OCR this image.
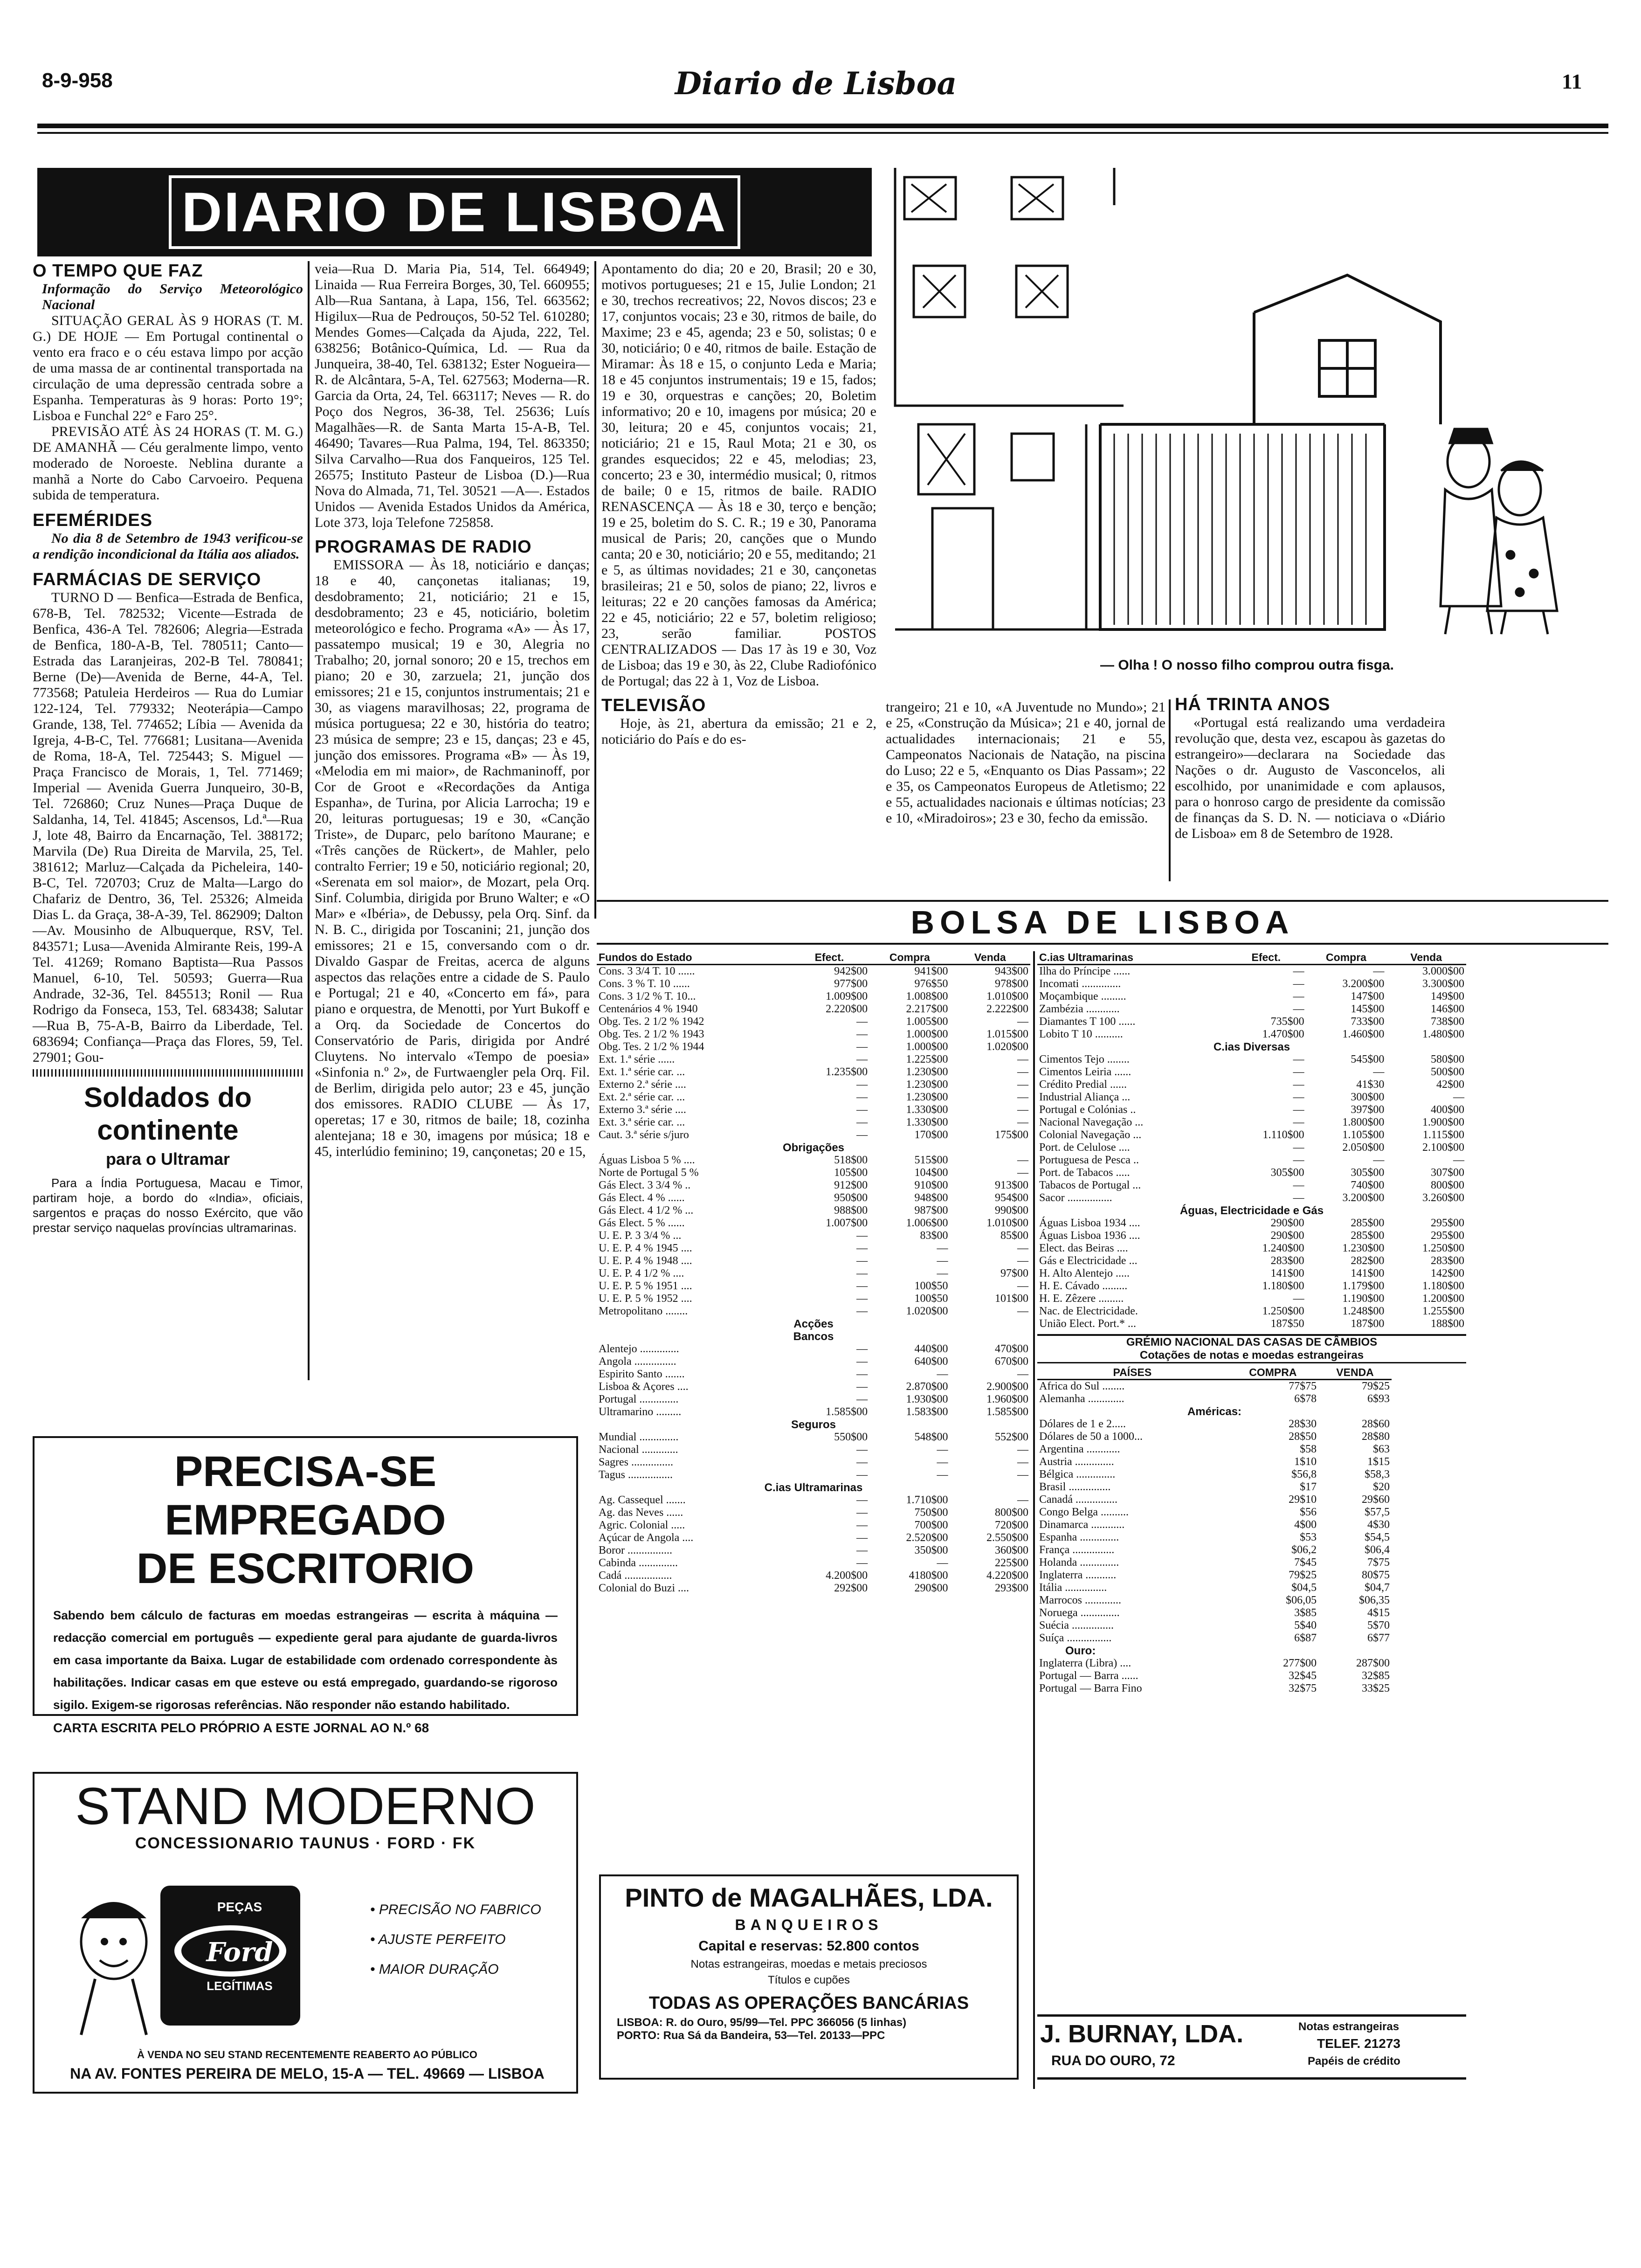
8-9-958	Diario de Lisboa	11
DIARIO DE LISBOA
O TEMPO QUE FAZ
Informação do Serviço Meteorológico Nacional
SITUAÇÃO GERAL ÀS 9 HORAS (T. M. G.) DE HOJE — Em Portugal continental o vento era fraco e o céu estava limpo por acção de uma massa de ar continental transportada na circulação de uma depressão centrada sobre a Espanha. Temperaturas às 9 horas: Porto 19°; Lisboa e Funchal 22° e Faro 25°.
PREVISÃO ATÉ ÀS 24 HORAS (T. M. G.) DE AMANHÃ — Céu geralmente limpo, vento moderado de Noroeste. Neblina durante a manhã a Norte do Cabo Carvoeiro. Pequena subida de temperatura.
EFEMÉRIDES
No dia 8 de Setembro de 1943 verificou-se a rendição incondicional da Itália aos aliados.
FARMÁCIAS DE SERVIÇO
TURNO D — Benfica—Estrada de Benfica, 678-B, Tel. 782532; Vicente—Estrada de Benfica, 436-A Tel. 782606; Alegria—Estrada de Benfica, 180-A-B, Tel. 780511; Canto—Estrada das Laranjeiras, 202-B Tel. 780841; Berne (De)—Avenida de Berne, 44-A, Tel. 773568; Patuleia Herdeiros — Rua do Lumiar 122-124, Tel. 779332; Neoterápia—Campo Grande, 138, Tel. 774652; Líbia — Avenida da Igreja, 4-B-C, Tel. 776681; Lusitana—Avenida de Roma, 18-A, Tel. 725443; S. Miguel — Praça Francisco de Morais, 1, Tel. 771469; Imperial — Avenida Guerra Junqueiro, 30-B, Tel. 726860; Cruz Nunes—Praça Duque de Saldanha, 14, Tel. 41845; Ascensos, Ld.ª—Rua J, lote 48, Bairro da Encarnação, Tel. 388172; Marvila (De) Rua Direita de Marvila, 25, Tel. 381612; Marluz—Calçada da Picheleira, 140-B-C, Tel. 720703; Cruz de Malta—Largo do Chafariz de Dentro, 36, Tel. 25326; Almeida Dias L. da Graça, 38-A-39, Tel. 862909; Dalton—Av. Mousinho de Albuquerque, RSV, Tel. 843571; Lusa—Avenida Almirante Reis, 199-A Tel. 41269; Romano Baptista—Rua Passos Manuel, 6-10, Tel. 50593; Guerra—Rua Andrade, 32-36, Tel. 845513; Ronil — Rua Rodrigo da Fonseca, 153, Tel. 683438; Salutar—Rua B, 75-A-B, Bairro da Liberdade, Tel. 683694; Confiança—Praça das Flores, 59, Tel. 27901; Gou-
Soldados do continente
para o Ultramar
Para a Índia Portuguesa, Macau e Timor, partiram hoje, a bordo do «India», oficiais, sargentos e praças do nosso Exército, que vão prestar serviço naquelas províncias ultramarinas.
veia—Rua D. Maria Pia, 514, Tel. 664949; Linaida — Rua Ferreira Borges, 30, Tel. 660955; Alb—Rua Santana, à Lapa, 156, Tel. 663562; Higilux—Rua de Pedrouços, 50-52 Tel. 610280; Mendes Gomes—Calçada da Ajuda, 222, Tel. 638256; Botânico-Química, Ld. — Rua da Junqueira, 38-40, Tel. 638132; Ester Nogueira—R. de Alcântara, 5-A, Tel. 627563; Moderna—R. Garcia da Orta, 24, Tel. 663117; Neves — R. do Poço dos Negros, 36-38, Tel. 25636; Luís Magalhães—R. de Santa Marta 15-A-B, Tel. 46490; Tavares—Rua Palma, 194, Tel. 863350; Silva Carvalho—Rua dos Fanqueiros, 125 Tel. 26575; Instituto Pasteur de Lisboa (D.)—Rua Nova do Almada, 71, Tel. 30521 —A—. Estados Unidos — Avenida Estados Unidos da América, Lote 373, loja Telefone 725858.
PROGRAMAS DE RADIO
EMISSORA — Às 18, noticiário e danças; 18 e 40, cançonetas italianas; 19, desdobramento; 21, noticiário; 21 e 15, desdobramento; 23 e 45, noticiário, boletim meteorológico e fecho. Programa «A» — Às 17, passatempo musical; 19 e 30, Alegria no Trabalho; 20, jornal sonoro; 20 e 15, trechos em piano; 20 e 30, zarzuela; 21, junção dos emissores; 21 e 15, conjuntos instrumentais; 21 e 30, as viagens maravilhosas; 22, programa de música portuguesa; 22 e 30, história do teatro; 23 música de sempre; 23 e 15, danças; 23 e 45, junção dos emissores. Programa «B» — Às 19, «Melodia em mi maior», de Rachmaninoff, por Cor de Groot e «Recordações da Antiga Espanha», de Turina, por Alicia Larrocha; 19 e 20, leituras portuguesas; 19 e 30, «Canção Triste», de Duparc, pelo barítono Maurane; e «Três canções de Rückert», de Mahler, pelo contralto Ferrier; 19 e 50, noticiário regional; 20, «Serenata em sol maior», de Mozart, pela Orq. Sinf. Columbia, dirigida por Bruno Walter; e «O Mar» e «Ibéria», de Debussy, pela Orq. Sinf. da N. B. C., dirigida por Toscanini; 21, junção dos emissores; 21 e 15, conversando com o dr. Divaldo Gaspar de Freitas, acerca de alguns aspectos das relações entre a cidade de S. Paulo e Portugal; 21 e 40, «Concerto em fá», para piano e orquestra, de Menotti, por Yurt Bukoff e a Orq. da Sociedade de Concertos do Conservatório de Paris, dirigida por André Cluytens. No intervalo «Tempo de poesia» «Sinfonia n.º 2», de Furtwaengler pela Orq. Fil. de Berlim, dirigida pelo autor; 23 e 45, junção dos emissores. RADIO CLUBE — Às 17, operetas; 17 e 30, ritmos de baile; 18, cozinha alentejana; 18 e 30, imagens por música; 18 e 45, interlúdio feminino; 19, cançonetas; 20 e 15,
Apontamento do dia; 20 e 20, Brasil; 20 e 30, motivos portugueses; 21 e 15, Julie London; 21 e 30, trechos recreativos; 22, Novos discos; 23 e 17, conjuntos vocais; 23 e 30, ritmos de baile, do Maxime; 23 e 45, agenda; 23 e 50, solistas; 0 e 30, noticiário; 0 e 40, ritmos de baile. Estação de Miramar: Às 18 e 15, o conjunto Leda e Maria; 18 e 45 conjuntos instrumentais; 19 e 15, fados; 19 e 30, orquestras e canções; 20, Boletim informativo; 20 e 10, imagens por música; 20 e 30, leitura; 20 e 45, conjuntos vocais; 21, noticiário; 21 e 15, Raul Mota; 21 e 30, os grandes esquecidos; 22 e 45, melodias; 23, concerto; 23 e 30, intermédio musical; 0, ritmos de baile; 0 e 15, ritmos de baile. RADIO RENASCENÇA — Às 18 e 30, terço e benção; 19 e 25, boletim do S. C. R.; 19 e 30, Panorama musical de Paris; 20, canções que o Mundo canta; 20 e 30, noticiário; 20 e 55, meditando; 21 e 5, as últimas novidades; 21 e 30, cançonetas brasileiras; 21 e 50, solos de piano; 22, livros e leituras; 22 e 20 canções famosas da América; 22 e 45, noticiário; 22 e 57, boletim religioso; 23, serão familiar. POSTOS CENTRALIZADOS — Das 17 às 19 e 30, Voz de Lisboa; das 19 e 30, às 22, Clube Radiofónico de Portugal; das 22 à 1, Voz de Lisboa.
TELEVISÃO
Hoje, às 21, abertura da emissão; 21 e 2, noticiário do País e do es-
— Olha ! O nosso filho comprou outra fisga.
trangeiro; 21 e 10, «A Juventude no Mundo»; 21 e 25, «Construção da Música»; 21 e 40, jornal de actualidades internacionais; 21 e 55, Campeonatos Nacionais de Natação, na piscina do Luso; 22 e 5, «Enquanto os Dias Passam»; 22 e 35, os Campeonatos Europeus de Atletismo; 22 e 55, actualidades nacionais e últimas notícias; 23 e 10, «Miradoiros»; 23 e 30, fecho da emissão.
HÁ TRINTA ANOS
«Portugal está realizando uma verdadeira revolução que, desta vez, escapou às gazetas do estrangeiro»—declarara na Sociedade das Nações o dr. Augusto de Vasconcelos, ali escolhido, por unanimidade e com aplausos, para o honroso cargo de presidente da comissão de finanças da S. D. N. — noticiava o «Diário de Lisboa» em 8 de Setembro de 1928.
BOLSA DE LISBOA
Fundos do Estado	Efect.	Compra	Venda
Cons. 3 3/4 T. 10 ......	942$00	941$00	943$00
Cons. 3 % T. 10 ......	977$00	976$50	978$00
Cons. 3 1/2 % T. 10...	1.009$00	1.008$00	1.010$00
Centenários 4 % 1940	2.220$00	2.217$00	2.222$00
Obg. Tes. 2 1/2 % 1942	—	1.005$00	—
Obg. Tes. 2 1/2 % 1943	—	1.000$00	1.015$00
Obg. Tes. 2 1/2 % 1944	—	1.000$00	1.020$00
Ext. 1.ª série ......	—	1.225$00	—
Ext. 1.ª série car. ...	1.235$00	1.230$00	—
Externo 2.ª série ....	—	1.230$00	—
Ext. 2.ª série car. ...	—	1.230$00	—
Externo 3.ª série ....	—	1.330$00	—
Ext. 3.ª série car. ...	—	1.330$00	—
Caut. 3.ª série s/juro	—	170$00	175$00
Obrigações			
Águas Lisboa 5 % ....	518$00	515$00	—
Norte de Portugal 5 %	105$00	104$00	—
Gás Elect. 3 3/4 % ..	912$00	910$00	913$00
Gás Elect. 4 % ......	950$00	948$00	954$00
Gás Elect. 4 1/2 % ...	988$00	987$00	990$00
Gás Elect. 5 % ......	1.007$00	1.006$00	1.010$00
U. E. P. 3 3/4 % ...	—	83$00	85$00
U. E. P. 4 % 1945 ....	—	—	—
U. E. P. 4 % 1948 ....	—	—	—
U. E. P. 4 1/2 % ....	—	—	97$00
U. E. P. 5 % 1951 ....	—	100$50	—
U. E. P. 5 % 1952 ....	—	100$50	101$00
Metropolitano ........	—	1.020$00	—
Acções			
Bancos			
Alentejo ..............	—	440$00	470$00
Angola ...............	—	640$00	670$00
Espirito Santo .......	—	—	—
Lisboa & Açores ....	—	2.870$00	2.900$00
Portugal ..............	—	1.930$00	1.960$00
Ultramarino .........	1.585$00	1.583$00	1.585$00
Seguros			
Mundial ..............	550$00	548$00	552$00
Nacional .............	—	—	—
Sagres ...............	—	—	—
Tagus ................	—	—	—
C.ias Ultramarinas			
Ag. Cassequel .......	—	1.710$00	—
Ag. das Neves ......	—	750$00	800$00
Agric. Colonial .....	—	700$00	720$00
Açúcar de Angola ....	—	2.520$00	2.550$00
Boror ................	—	350$00	360$00
Cabinda ..............	—	—	225$00
Cadá .................	4.200$00	4180$00	4.220$00
Colonial do Buzi ....	292$00	290$00	293$00
C.ias Ultramarinas	Efect.	Compra	Venda
Ilha do Príncipe ......	—	—	3.000$00
Incomati ..............	—	3.200$00	3.300$00
Moçambique .........	—	147$00	149$00
Zambézia ............	—	145$00	146$00
Diamantes T 100 ......	735$00	733$00	738$00
Lobito T 10 ..........	1.470$00	1.460$00	1.480$00
C.ias Diversas			
Cimentos Tejo ........	—	545$00	580$00
Cimentos Leiria ......	—	—	500$00
Crédito Predial ......	—	41$30	42$00
Industrial Aliança ...	—	300$00	—
Portugal e Colónias ..	—	397$00	400$00
Nacional Navegação ...	—	1.800$00	1.900$00
Colonial Navegação ...	1.110$00	1.105$00	1.115$00
Port. de Celulose ....	—	2.050$00	2.100$00
Portuguesa de Pesca ..	—	—	—
Port. de Tabacos .....	305$00	305$00	307$00
Tabacos de Portugal ...	—	740$00	800$00
Sacor ................	—	3.200$00	3.260$00
Águas, Electricidade e Gás			
Águas Lisboa 1934 ....	290$00	285$00	295$00
Águas Lisboa 1936 ....	290$00	285$00	295$00
Elect. das Beiras ....	1.240$00	1.230$00	1.250$00
Gás e Electricidade ...	283$00	282$00	283$00
H. Alto Alentejo .....	141$00	141$00	142$00
H. E. Cávado .........	1.180$00	1.179$00	1.180$00
H. E. Zêzere .........	—	1.190$00	1.200$00
Nac. de Electricidade.	1.250$00	1.248$00	1.255$00
União Elect. Port.* ...	187$50	187$00	188$00
GRÉMIO NACIONAL DAS CASAS DE CÂMBIOS
Cotações de notas e moedas estrangeiras
PAÍSES	COMPRA	VENDA
Africa do Sul ........	77$75	79$25
Alemanha .............	6$78	6$93
Américas:		
Dólares de 1 e 2.....	28$30	28$60
Dólares de 50 a 1000...	28$50	28$80
Argentina ............	$58	$63
Austria ..............	1$10	1$15
Bélgica ..............	$56,8	$58,3
Brasil ...............	$17	$20
Canadá ...............	29$10	29$60
Congo Belga ..........	$56	$57,5
Dinamarca ............	4$00	4$30
Espanha ..............	$53	$54,5
França ...............	$06,2	$06,4
Holanda ..............	7$45	7$75
Inglaterra ...........	79$25	80$75
Itália ...............	$04,5	$04,7
Marrocos .............	$06,05	$06,35
Noruega ..............	3$85	4$15
Suécia ...............	5$40	5$70
Suíça ................	6$87	6$77
Ouro:		
Inglaterra (Libra) ....	277$00	287$00
Portugal — Barra ......	32$45	32$85
Portugal — Barra Fino	32$75	33$25
PRECISA-SE EMPREGADO
DE ESCRITORIO
Sabendo bem cálculo de facturas em moedas estrangeiras — escrita à máquina — redacção comercial em português — expediente geral para ajudante de guarda-livros em casa importante da Baixa. Lugar de estabilidade com ordenado correspondente às habilitações. Indicar casas em que esteve ou está empregado, guardando-se rigoroso sigilo. Exigem-se rigorosas referências. Não responder não estando habilitado.
CARTA ESCRITA PELO PRÓPRIO A ESTE JORNAL AO N.º 68
STAND MODERNO
CONCESSIONARIO TAUNUS · FORD · FK
PEÇAS
Ford
LEGÍTIMAS
• PRECISÃO NO FABRICO
• AJUSTE PERFEITO
• MAIOR DURAÇÃO
À VENDA NO SEU STAND RECENTEMENTE REABERTO AO PÚBLICO
NA AV. FONTES PEREIRA DE MELO, 15-A — TEL. 49669 — LISBOA
PINTO de MAGALHÃES, LDA.
BANQUEIROS
Capital e reservas: 52.800 contos
Notas estrangeiras, moedas e metais preciosos
Títulos e cupões
TODAS AS OPERAÇÕES BANCÁRIAS
LISBOA: R. do Ouro, 95/99—Tel. PPC 366056 (5 linhas)
PORTO: Rua Sá da Bandeira, 53—Tel. 20133—PPC	J. BURNAY, LDA.
RUA DO OURO, 72
Notas estrangeiras
TELEF. 21273
Papéis de crédito
